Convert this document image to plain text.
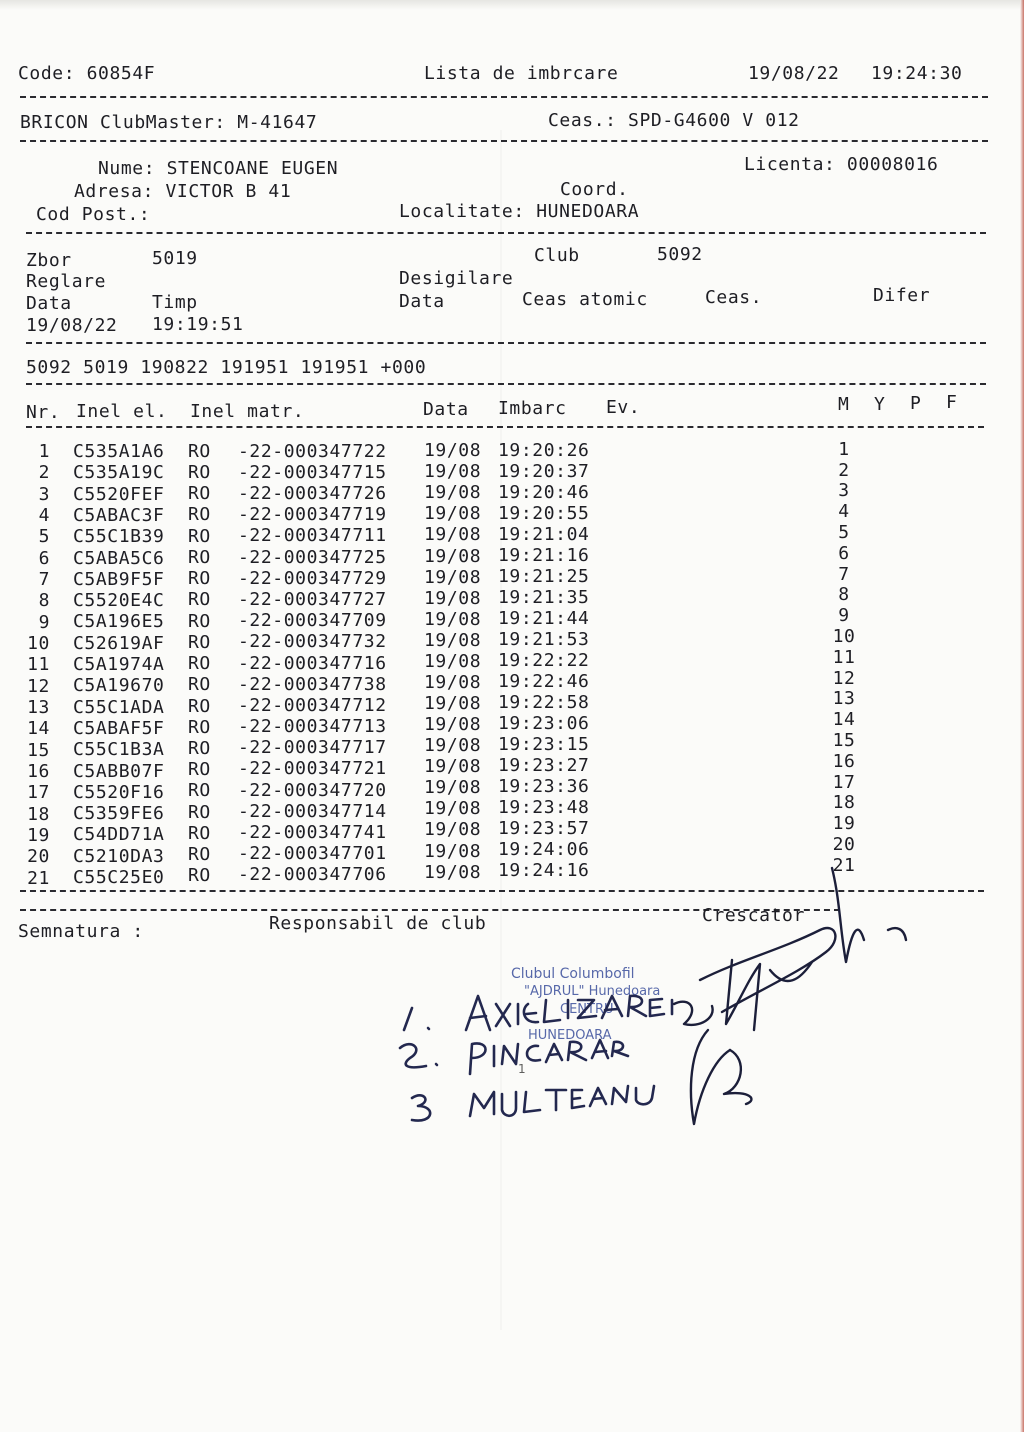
Code: 60854F	Lista de imbrcare	19/08/22 19:24:30
BRICON ClubMaster: M-41647	Ceas.: SPD-G4600 V 012
Nume: STENCOANE EUGEN	Licenta: 00008016
Adresa: VICTOR B 41	Coord.
Cod Post.:	Localitate: HUNEDOARA
Zbor	5019	Club	5092
Reglare	Desigilare
Data	Timp	Data	Ceas atomic	Ceas.	Difer
19/08/22 19:19:51
5092 5019 190822 191951 191951 +000
Nr. Inel el. Inel matr.	Data Imbarc Ev.	M Y P F
1 C535A1A6 RO -22-000347722 19/08 19:20:26	1
2 C535A19C RO -22-000347715 19/08 19:20:37	2
3 C5520FEF RO -22-000347726 19/08 19:20:46	3
4 C5ABAC3F RO -22-000347719 19/08 19:20:55	4
5 C55C1B39 RO -22-000347711 19/08 19:21:04	5
6 C5ABA5C6 RO -22-000347725 19/08 19:21:16	6
7 C5AB9F5F RO -22-000347729 19/08 19:21:25	7
8 C5520E4C RO -22-000347727 19/08 19:21:35	8
9 C5A196E5 RO -22-000347709 19/08 19:21:44	9
10 C52619AF RO -22-000347732 19/08 19:21:53	10
11 C5A1974A RO -22-000347716 19/08 19:22:22	11
12 C5A19670 RO -22-000347738 19/08 19:22:46	12
13 C55C1ADA RO -22-000347712 19/08 19:22:58	13
14 C5ABAF5F RO -22-000347713 19/08 19:23:06	14
15 C55C1B3A RO -22-000347717 19/08 19:23:15	15
16 C5ABB07F RO -22-000347721 19/08 19:23:27	16
17 C5520F16 RO -22-000347720 19/08 19:23:36	17
18 C5359FE6 RO -22-000347714 19/08 19:23:48	18
19 C54DD71A RO -22-000347741 19/08 19:23:57	19
20 C5210DA3 RO -22-000347701 19/08 19:24:06	20
21 C55C25E0 RO -22-000347706 19/08 19:24:16	21
Semnatura :	Responsabil de club	Crescator
Clubul Columbofil
"AJDRUL" Hunedoara
CENTRU
HUNEDOARA
1
